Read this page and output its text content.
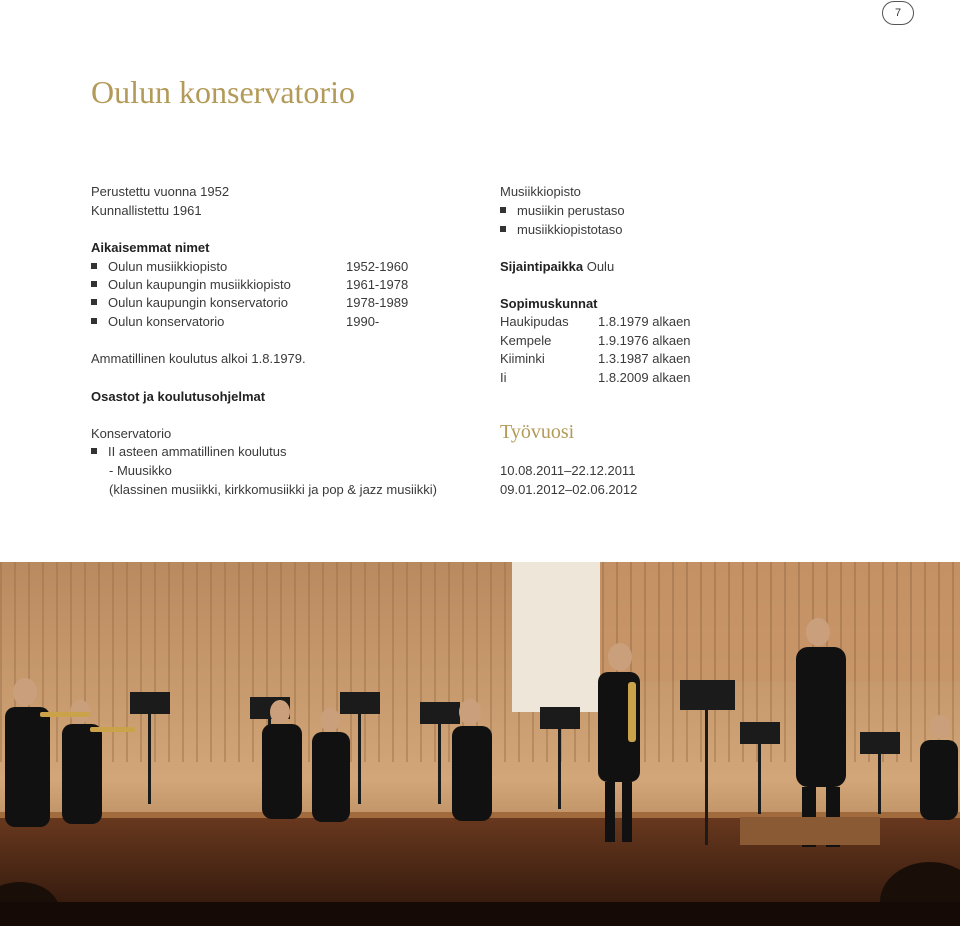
7
Oulun konservatorio
Perustettu vuonna 1952
Kunnallistettu 1961
Aikaisemmat nimet
Oulun musiikkiopisto	1952-1960
Oulun kaupungin musiikkiopisto	1961-1978
Oulun kaupungin konservatorio	1978-1989
Oulun konservatorio	1990-
Ammatillinen koulutus alkoi 1.8.1979.
Osastot ja koulutusohjelmat
Konservatorio
II asteen ammatillinen koulutus
- Muusikko
(klassinen musiikki, kirkkomusiikki ja pop & jazz musiikki)
Musiikkiopisto
musiikin perustaso
musiikkiopistotaso
Sijaintipaikka Oulu
Sopimuskunnat
Haukipudas 1.8.1979 alkaen
Kempele	1.9.1976 alkaen
Kiiminki	1.3.1987 alkaen
Ii	1.8.2009 alkaen
Työvuosi
10.08.2011–22.12.2011
09.01.2012–02.06.2012
